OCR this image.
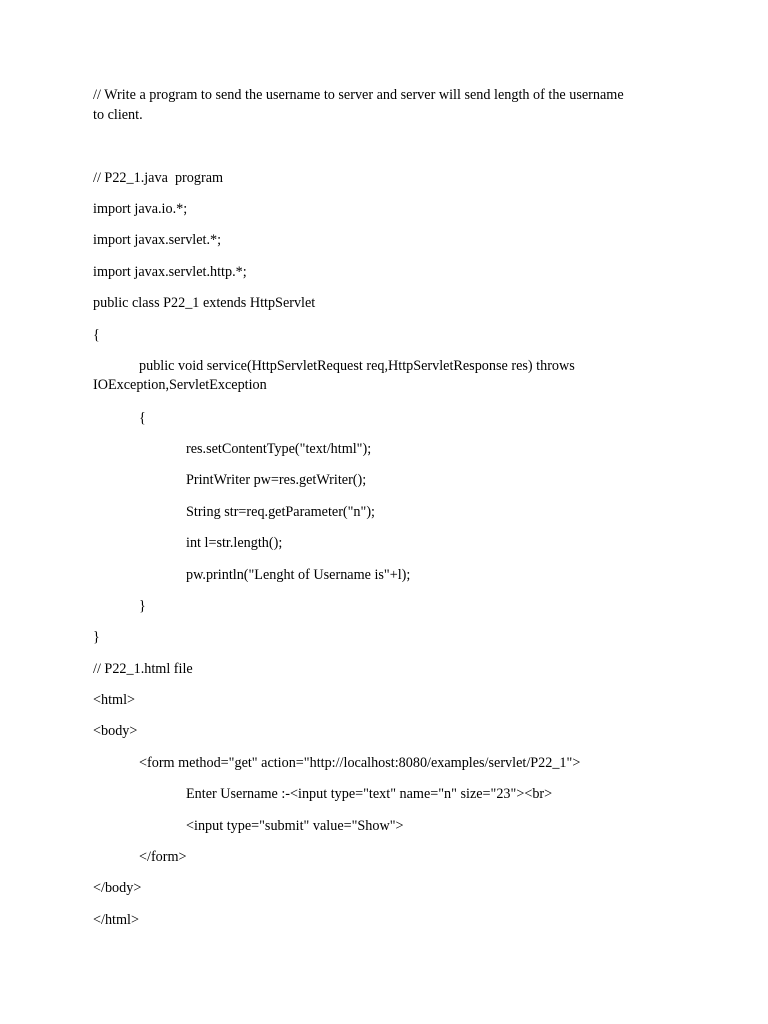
// Write a program to send the username to server and server will send length of the username
to client.
// P22_1.java  program
import java.io.*;
import javax.servlet.*;
import javax.servlet.http.*;
public class P22_1 extends HttpServlet
{
public void service(HttpServletRequest req,HttpServletResponse res) throws
IOException,ServletException
{
res.setContentType("text/html");
PrintWriter pw=res.getWriter();
String str=req.getParameter("n");
int l=str.length();
pw.println("Lenght of Username is"+l);
}
}
// P22_1.html file
<html>
<body>
<form method="get" action="http://localhost:8080/examples/servlet/P22_1">
Enter Username :-<input type="text" name="n" size="23"><br>
<input type="submit" value="Show">
</form>
</body>
</html>
